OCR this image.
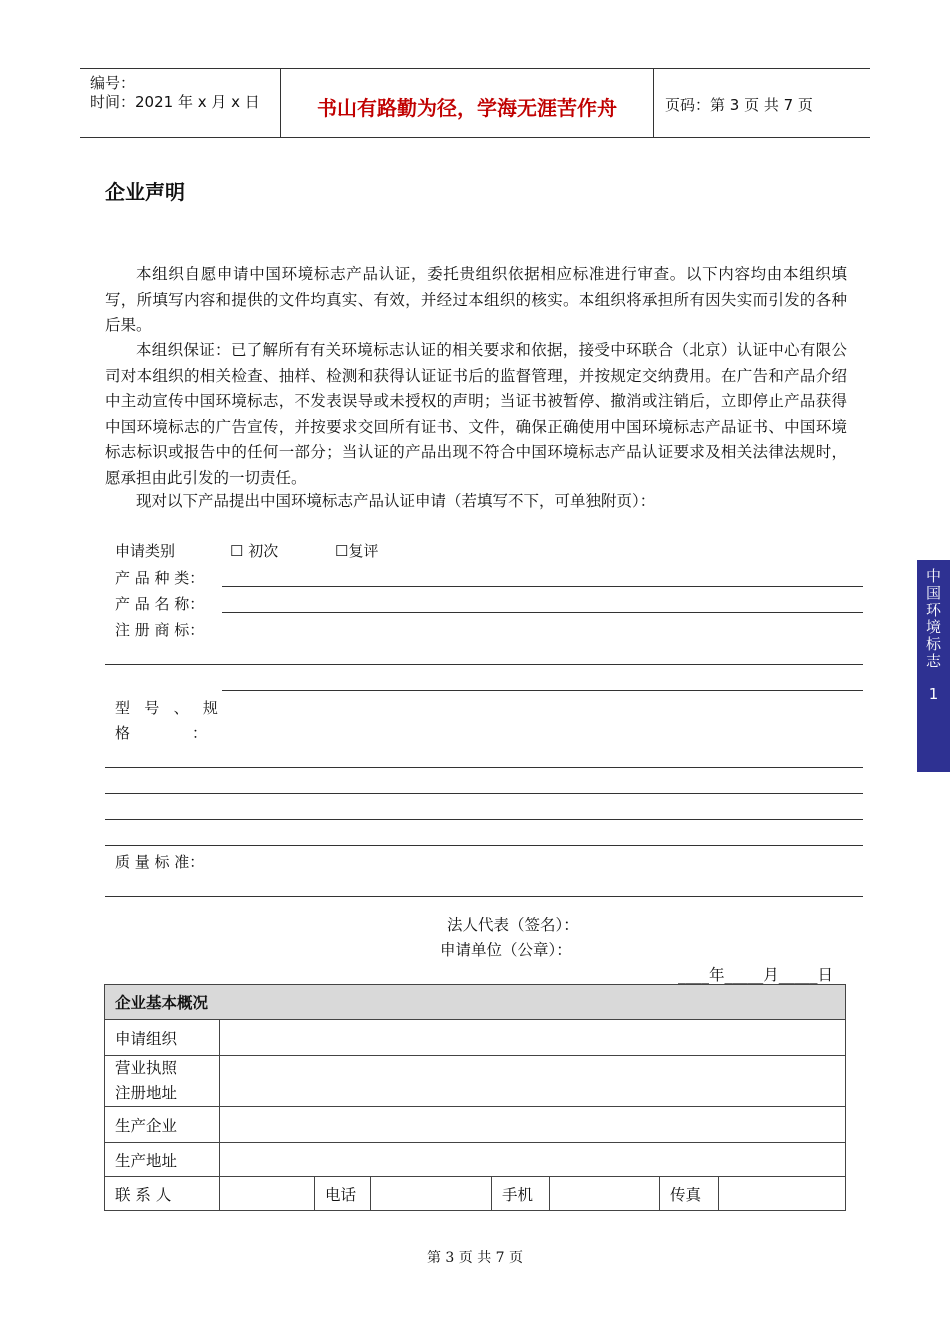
编号：
时间：2021 年 x 月 x 日	书山有路勤为径，学海无涯苦作舟	页码：第 3 页 共 7 页
企业声明
本组织自愿申请中国环境标志产品认证，委托贵组织依据相应标准进行审查。以下内容均由本组织填写，所填写内容和提供的文件均真实、有效，并经过本组织的核实。本组织将承担所有因失实而引发的各种后果。
本组织保证：已了解所有有关环境标志认证的相关要求和依据，接受中环联合（北京）认证中心有限公司对本组织的相关检查、抽样、检测和获得认证证书后的监督管理，并按规定交纳费用。在广告和产品介绍中主动宣传中国环境标志，不发表误导或未授权的声明；当证书被暂停、撤消或注销后，立即停止产品获得中国环境标志的广告宣传，并按要求交回所有证书、文件，确保正确使用中国环境标志产品证书、中国环境标志标识或报告中的任何一部分；当认证的产品出现不符合中国环境标志产品认证要求及相关法律法规时，愿承担由此引发的一切责任。
现对以下产品提出中国环境标志产品认证申请（若填写不下，可单独附页）：
申请类别	☐ 初次	☐复评
产 品 种 类：
产 品 名 称：
注 册 商 标：
型   号   、   规
格             ：
质 量 标 准：
法人代表（签名）：
申请单位（公章）：
____年_____月_____日
企业基本概况							
申请组织							
营业执照
注册地址							
生产企业							
生产地址							
联 系 人		电话		手机		传真	
中
国
环
境
标
志
1
第 3 页 共 7 页
